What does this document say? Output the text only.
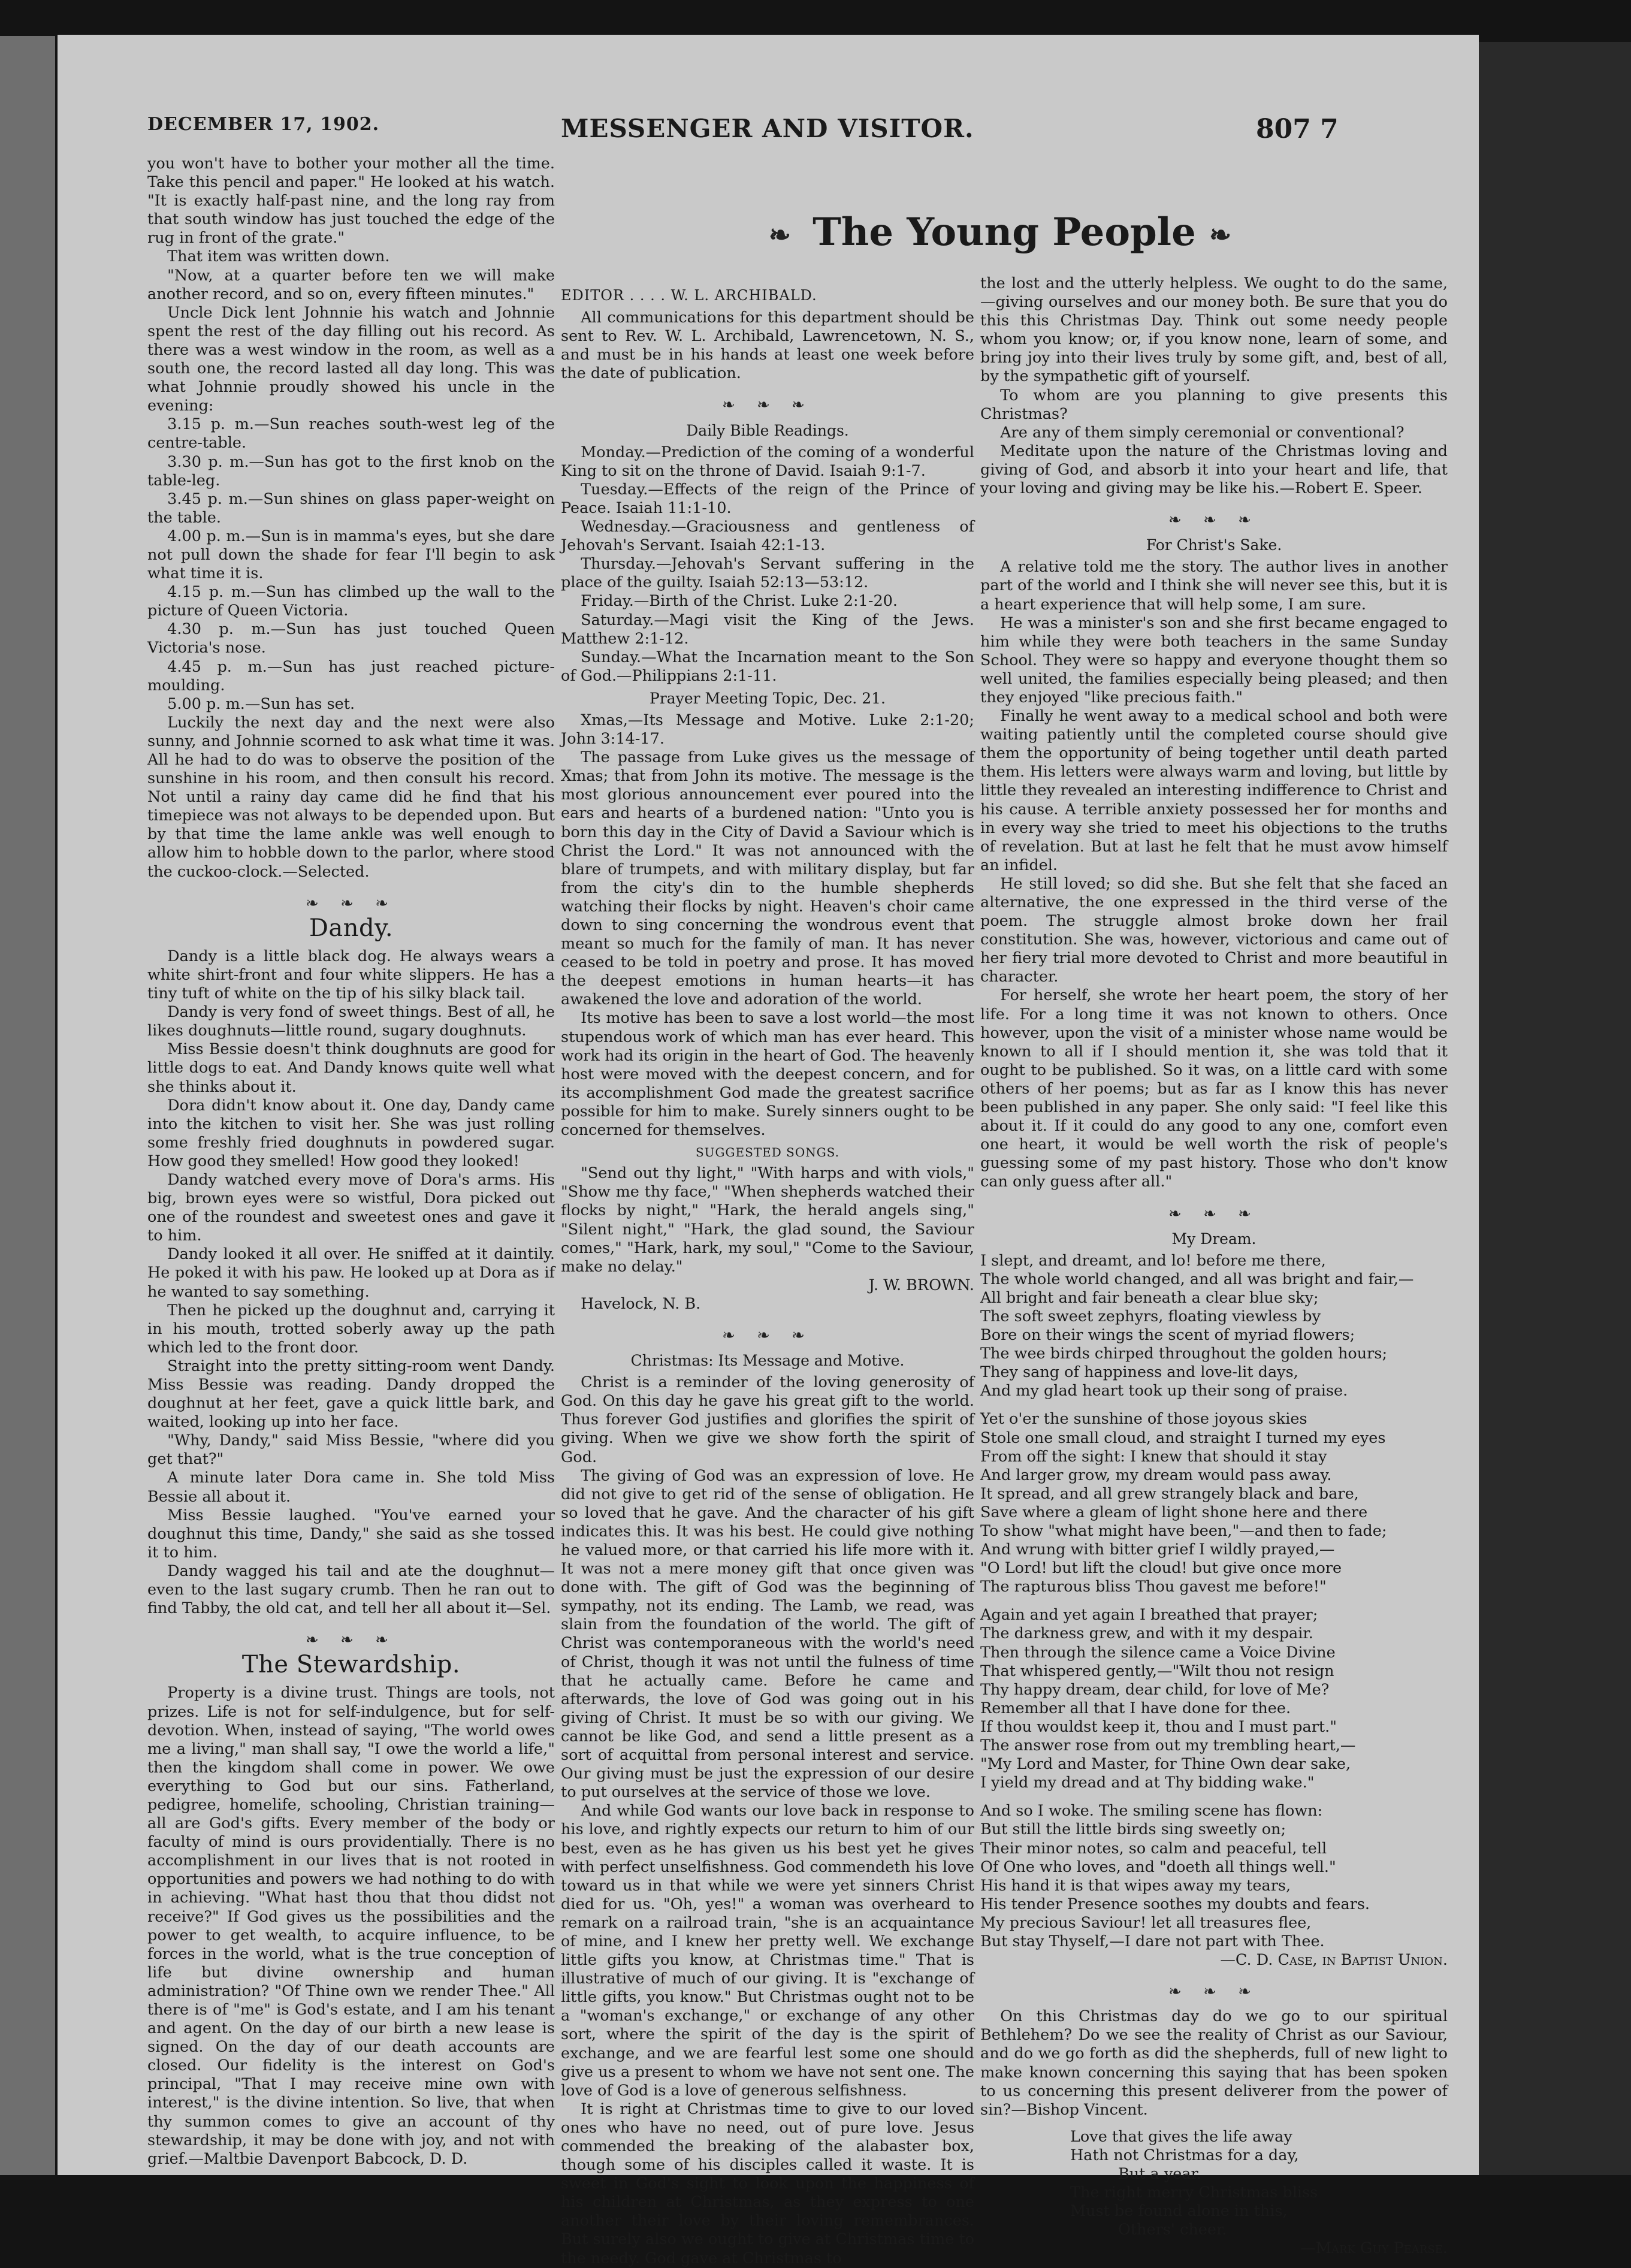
DECEMBER 17, 1902.	MESSENGER AND VISITOR.	807 7
❧ The Young People ❧

you won't have to bother your mother all the time. Take this pencil and paper." He looked at his watch. "It is exactly half-past nine, and the long ray from that south window has just touched the edge of the rug in front of the grate."

That item was written down.

"Now, at a quarter before ten we will make another record, and so on, every fifteen minutes."

Uncle Dick lent Johnnie his watch and Johnnie spent the rest of the day filling out his record. As there was a west window in the room, as well as a south one, the record lasted all day long. This was what Johnnie proudly showed his uncle in the evening:

3.15 p. m.—Sun reaches south-west leg of the centre-table.

3.30 p. m.—Sun has got to the first knob on the table-leg.

3.45 p. m.—Sun shines on glass paper-weight on the table.

4.00 p. m.—Sun is in mamma's eyes, but she dare not pull down the shade for fear I'll begin to ask what time it is.

4.15 p. m.—Sun has climbed up the wall to the picture of Queen Victoria.

4.30 p. m.—Sun has just touched Queen Victoria's nose.

4.45 p. m.—Sun has just reached picture-moulding.

5.00 p. m.—Sun has set.

Luckily the next day and the next were also sunny, and Johnnie scorned to ask what time it was. All he had to do was to observe the position of the sunshine in his room, and then consult his record. Not until a rainy day came did he find that his timepiece was not always to be depended upon. But by that time the lame ankle was well enough to allow him to hobble down to the parlor, where stood the cuckoo-clock.—Selected.

❧ ❧ ❧
Dandy.

Dandy is a little black dog. He always wears a white shirt-front and four white slippers. He has a tiny tuft of white on the tip of his silky black tail.

Dandy is very fond of sweet things. Best of all, he likes doughnuts—little round, sugary doughnuts.

Miss Bessie doesn't think doughnuts are good for little dogs to eat. And Dandy knows quite well what she thinks about it.

Dora didn't know about it. One day, Dandy came into the kitchen to visit her. She was just rolling some freshly fried doughnuts in powdered sugar. How good they smelled! How good they looked!

Dandy watched every move of Dora's arms. His big, brown eyes were so wistful, Dora picked out one of the roundest and sweetest ones and gave it to him.

Dandy looked it all over. He sniffed at it daintily. He poked it with his paw. He looked up at Dora as if he wanted to say something.

Then he picked up the doughnut and, carrying it in his mouth, trotted soberly away up the path which led to the front door.

Straight into the pretty sitting-room went Dandy. Miss Bessie was reading. Dandy dropped the doughnut at her feet, gave a quick little bark, and waited, looking up into her face.

"Why, Dandy," said Miss Bessie, "where did you get that?"

A minute later Dora came in. She told Miss Bessie all about it.

Miss Bessie laughed. "You've earned your doughnut this time, Dandy," she said as she tossed it to him.

Dandy wagged his tail and ate the doughnut—even to the last sugary crumb. Then he ran out to find Tabby, the old cat, and tell her all about it—Sel.

❧ ❧ ❧
The Stewardship.

Property is a divine trust. Things are tools, not prizes. Life is not for self-indulgence, but for self-devotion. When, instead of saying, "The world owes me a living," man shall say, "I owe the world a life," then the kingdom shall come in power. We owe everything to God but our sins. Fatherland, pedigree, homelife, schooling, Christian training—all are God's gifts. Every member of the body or faculty of mind is ours providentially. There is no accomplishment in our lives that is not rooted in opportunities and powers we had nothing to do with in achieving. "What hast thou that thou didst not receive?" If God gives us the possibilities and the power to get wealth, to acquire influence, to be forces in the world, what is the true conception of life but divine ownership and human administration? "Of Thine own we render Thee." All there is of "me" is God's estate, and I am his tenant and agent. On the day of our birth a new lease is signed. On the day of our death accounts are closed. Our fidelity is the interest on God's principal, "That I may receive mine own with interest," is the divine intention. So live, that when thy summon comes to give an account of thy stewardship, it may be done with joy, and not with grief.—Maltbie Davenport Babcock, D. D.

EDITOR . . . . W. L. ARCHIBALD.

All communications for this department should be sent to Rev. W. L. Archibald, Lawrencetown, N. S., and must be in his hands at least one week before the date of publication.

❧ ❧ ❧
Daily Bible Readings.

Monday.—Prediction of the coming of a wonderful King to sit on the throne of David. Isaiah 9:1-7.

Tuesday.—Effects of the reign of the Prince of Peace. Isaiah 11:1-10.

Wednesday.—Graciousness and gentleness of Jehovah's Servant. Isaiah 42:1-13.

Thursday.—Jehovah's Servant suffering in the place of the guilty. Isaiah 52:13—53:12.

Friday.—Birth of the Christ. Luke 2:1-20.

Saturday.—Magi visit the King of the Jews. Matthew 2:1-12.

Sunday.—What the Incarnation meant to the Son of God.—Philippians 2:1-11.

Prayer Meeting Topic, Dec. 21.

Xmas,—Its Message and Motive. Luke 2:1-20; John 3:14-17.

The passage from Luke gives us the message of Xmas; that from John its motive. The message is the most glorious announcement ever poured into the ears and hearts of a burdened nation: "Unto you is born this day in the City of David a Saviour which is Christ the Lord." It was not announced with the blare of trumpets, and with military display, but far from the city's din to the humble shepherds watching their flocks by night. Heaven's choir came down to sing concerning the wondrous event that meant so much for the family of man. It has never ceased to be told in poetry and prose. It has moved the deepest emotions in human hearts—it has awakened the love and adoration of the world.

Its motive has been to save a lost world—the most stupendous work of which man has ever heard. This work had its origin in the heart of God. The heavenly host were moved with the deepest concern, and for its accomplishment God made the greatest sacrifice possible for him to make. Surely sinners ought to be concerned for themselves.

SUGGESTED SONGS.

"Send out thy light," "With harps and with viols," "Show me thy face," "When shepherds watched their flocks by night," "Hark, the herald angels sing," "Silent night," "Hark, the glad sound, the Saviour comes," "Hark, hark, my soul," "Come to the Saviour, make no delay."

J. W. BROWN.

Havelock, N. B.

❧ ❧ ❧
Christmas: Its Message and Motive.

Christ is a reminder of the loving generosity of God. On this day he gave his great gift to the world. Thus forever God justifies and glorifies the spirit of giving. When we give we show forth the spirit of God.

The giving of God was an expression of love. He did not give to get rid of the sense of obligation. He so loved that he gave. And the character of his gift indicates this. It was his best. He could give nothing he valued more, or that carried his life more with it. It was not a mere money gift that once given was done with. The gift of God was the beginning of sympathy, not its ending. The Lamb, we read, was slain from the foundation of the world. The gift of Christ was contemporaneous with the world's need of Christ, though it was not until the fulness of time that he actually came. Before he came and afterwards, the love of God was going out in his giving of Christ. It must be so with our giving. We cannot be like God, and send a little present as a sort of acquittal from personal interest and service. Our giving must be just the expression of our desire to put ourselves at the service of those we love.

And while God wants our love back in response to his love, and rightly expects our return to him of our best, even as he has given us his best yet he gives with perfect unselfishness. God commendeth his love toward us in that while we were yet sinners Christ died for us. "Oh, yes!" a woman was overheard to remark on a railroad train, "she is an acquaintance of mine, and I knew her pretty well. We exchange little gifts you know, at Christmas time." That is illustrative of much of our giving. It is "exchange of little gifts, you know." But Christmas ought not to be a "woman's exchange," or exchange of any other sort, where the spirit of the day is the spirit of exchange, and we are fearful lest some one should give us a present to whom we have not sent one. The love of God is a love of generous selfishness.

It is right at Christmas time to give to our loved ones who have no need, out of pure love. Jesus commended the breaking of the alabaster box, though some of his disciples called it waste. It is sweet in God's sight to look upon the happiness of his children at Christmas, as they express to one another their love by their loving remembrances. But surely also we ought to give at Christmas time to the needy. God gave at Christmas to

the lost and the utterly helpless. We ought to do the same,—giving ourselves and our money both. Be sure that you do this this Christmas Day. Think out some needy people whom you know; or, if you know none, learn of some, and bring joy into their lives truly by some gift, and, best of all, by the sympathetic gift of yourself.

To whom are you planning to give presents this Christmas?

Are any of them simply ceremonial or conventional?

Meditate upon the nature of the Christmas loving and giving of God, and absorb it into your heart and life, that your loving and giving may be like his.—Robert E. Speer.

❧ ❧ ❧
For Christ's Sake.

A relative told me the story. The author lives in another part of the world and I think she will never see this, but it is a heart experience that will help some, I am sure.

He was a minister's son and she first became engaged to him while they were both teachers in the same Sunday School. They were so happy and everyone thought them so well united, the families especially being pleased; and then they enjoyed "like precious faith."

Finally he went away to a medical school and both were waiting patiently until the completed course should give them the opportunity of being together until death parted them. His letters were always warm and loving, but little by little they revealed an interesting indifference to Christ and his cause. A terrible anxiety possessed her for months and in every way she tried to meet his objections to the truths of revelation. But at last he felt that he must avow himself an infidel.

He still loved; so did she. But she felt that she faced an alternative, the one expressed in the third verse of the poem. The struggle almost broke down her frail constitution. She was, however, victorious and came out of her fiery trial more devoted to Christ and more beautiful in character.

For herself, she wrote her heart poem, the story of her life. For a long time it was not known to others. Once however, upon the visit of a minister whose name would be known to all if I should mention it, she was told that it ought to be published. So it was, on a little card with some others of her poems; but as far as I know this has never been published in any paper. She only said: "I feel like this about it. If it could do any good to any one, comfort even one heart, it would be well worth the risk of people's guessing some of my past history. Those who don't know can only guess after all."

❧ ❧ ❧
My Dream.

I slept, and dreamt, and lo! before me there,

The whole world changed, and all was bright and fair,—

All bright and fair beneath a clear blue sky;

The soft sweet zephyrs, floating viewless by

Bore on their wings the scent of myriad flowers;

The wee birds chirped throughout the golden hours;

They sang of happiness and love-lit days,

And my glad heart took up their song of praise.

Yet o'er the sunshine of those joyous skies

Stole one small cloud, and straight I turned my eyes

From off the sight: I knew that should it stay

And larger grow, my dream would pass away.

It spread, and all grew strangely black and bare,

Save where a gleam of light shone here and there

To show "what might have been,"—and then to fade;

And wrung with bitter grief I wildly prayed,—

"O Lord! but lift the cloud! but give once more

The rapturous bliss Thou gavest me before!"

Again and yet again I breathed that prayer;

The darkness grew, and with it my despair.

Then through the silence came a Voice Divine

That whispered gently,—"Wilt thou not resign

Thy happy dream, dear child, for love of Me?

Remember all that I have done for thee.

If thou wouldst keep it, thou and I must part."

The answer rose from out my trembling heart,—

"My Lord and Master, for Thine Own dear sake,

I yield my dread and at Thy bidding wake."

And so I woke. The smiling scene has flown:

But still the little birds sing sweetly on;

Their minor notes, so calm and peaceful, tell

Of One who loves, and "doeth all things well."

His hand it is that wipes away my tears,

His tender Presence soothes my doubts and fears.

My precious Saviour! let all treasures flee,

But stay Thyself,—I dare not part with Thee.

—C. D. Case, in Baptist Union.

❧ ❧ ❧

On this Christmas day do we go to our spiritual Bethlehem? Do we see the reality of Christ as our Saviour, and do we go forth as did the shepherds, full of new light to make known concerning this saying that has been spoken to us concerning this present deliverer from the power of sin?—Bishop Vincent.

Love that gives the life away

Hath not Christmas for a day,

But a year.

The right merry Christmas bliss

Must be found alone in this,

Others' cheer.

—Mark Guy Pearse.
